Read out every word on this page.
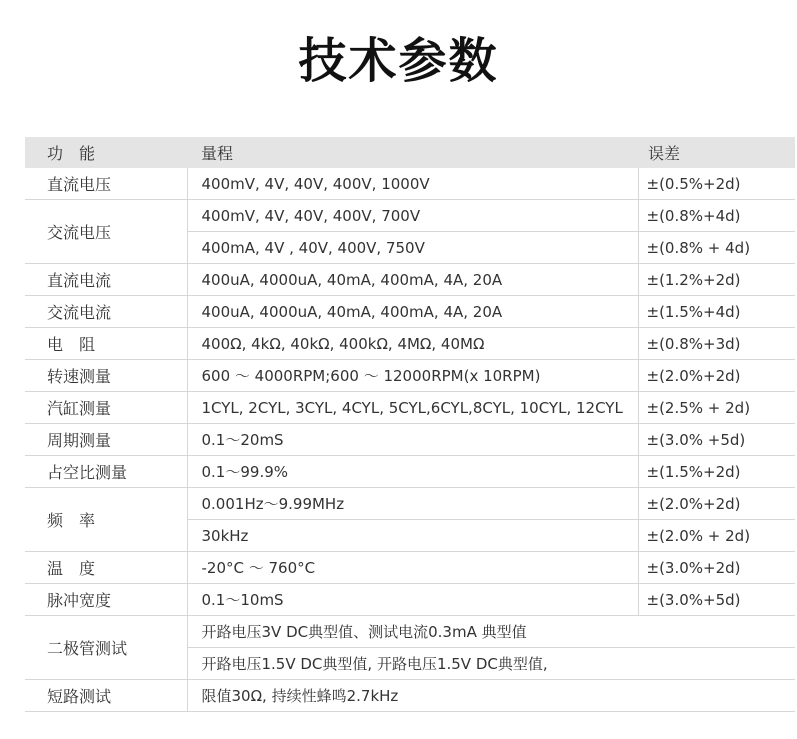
技术参数
功　能	量程	误差
直流电压	400mV, 4V, 40V, 400V, 1000V	±(0.5%+2d)
交流电压	400mV, 4V, 40V, 400V, 700V	±(0.8%+4d)
	400mA, 4V , 40V, 400V, 750V	±(0.8% + 4d)
直流电流	400uA, 4000uA, 40mA, 400mA, 4A, 20A	±(1.2%+2d)
交流电流	400uA, 4000uA, 40mA, 400mA, 4A, 20A	±(1.5%+4d)
电　阻	400Ω, 4kΩ, 40kΩ, 400kΩ, 4MΩ, 40MΩ	±(0.8%+3d)
转速测量	600 ～ 4000RPM;600 ～ 12000RPM(x 10RPM)	±(2.0%+2d)
汽缸测量	1CYL, 2CYL, 3CYL, 4CYL, 5CYL,6CYL,8CYL, 10CYL, 12CYL	±(2.5% + 2d)
周期测量	0.1～20mS	±(3.0% +5d)
占空比测量	0.1～99.9%	±(1.5%+2d)
频　率	0.001Hz～9.99MHz	±(2.0%+2d)
	30kHz	±(2.0% + 2d)
温　度	-20°C ～ 760°C	±(3.0%+2d)
脉冲宽度	0.1～10mS	±(3.0%+5d)
二极管测试	开路电压3V DC典型值、测试电流0.3mA 典型值	
	开路电压1.5V DC典型值, 开路电压1.5V DC典型值,	
短路测试	限值30Ω, 持续性蜂鸣2.7kHz	
